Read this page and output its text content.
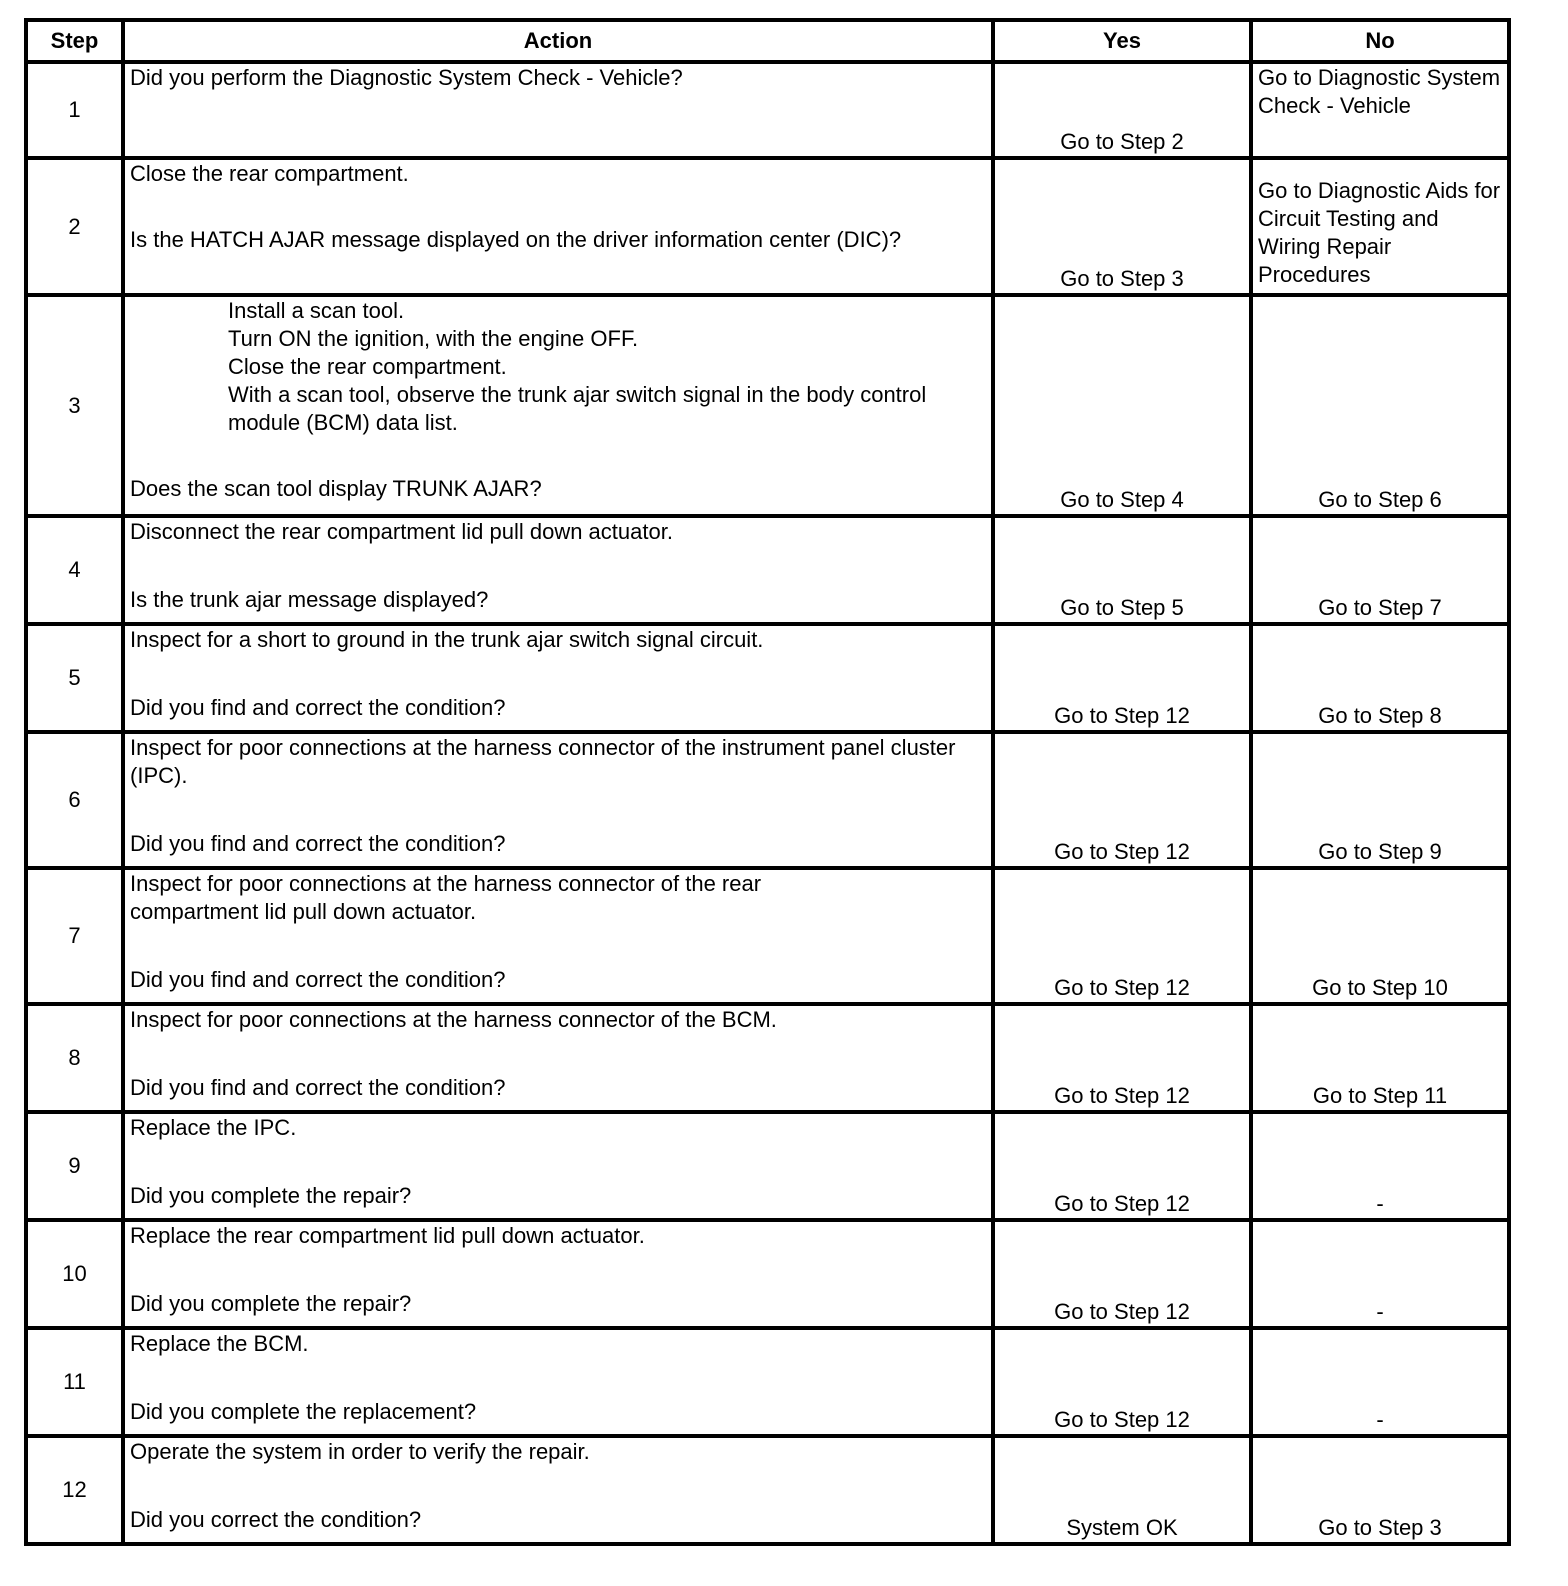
Step	Action	Yes	No
1	Did you perform the Diagnostic System Check - Vehicle?	Go to Step 2	Go to Diagnostic System Check - Vehicle
2	Close the rear compartment.
Is the HATCH AJAR message displayed on the driver information center (DIC)?	Go to Step 3	Go to Diagnostic Aids for Circuit Testing and Wiring Repair Procedures
3	Install a scan tool.
Turn ON the ignition, with the engine OFF.
Close the rear compartment.
With a scan tool, observe the trunk ajar switch signal in the body control module (BCM) data list.
Does the scan tool display TRUNK AJAR?	Go to Step 4	Go to Step 6
4	Disconnect the rear compartment lid pull down actuator.
Is the trunk ajar message displayed?	Go to Step 5	Go to Step 7
5	Inspect for a short to ground in the trunk ajar switch signal circuit.
Did you find and correct the condition?	Go to Step 12	Go to Step 8
6	Inspect for poor connections at the harness connector of the instrument panel cluster (IPC).
Did you find and correct the condition?	Go to Step 12	Go to Step 9
7	Inspect for poor connections at the harness connector of the rear compartment lid pull down actuator.
Did you find and correct the condition?	Go to Step 12	Go to Step 10
8	Inspect for poor connections at the harness connector of the BCM.
Did you find and correct the condition?	Go to Step 12	Go to Step 11
9	Replace the IPC.
Did you complete the repair?	Go to Step 12	-
10	Replace the rear compartment lid pull down actuator.
Did you complete the repair?	Go to Step 12	-
11	Replace the BCM.
Did you complete the replacement?	Go to Step 12	-
12	Operate the system in order to verify the repair.
Did you correct the condition?	System OK	Go to Step 3
